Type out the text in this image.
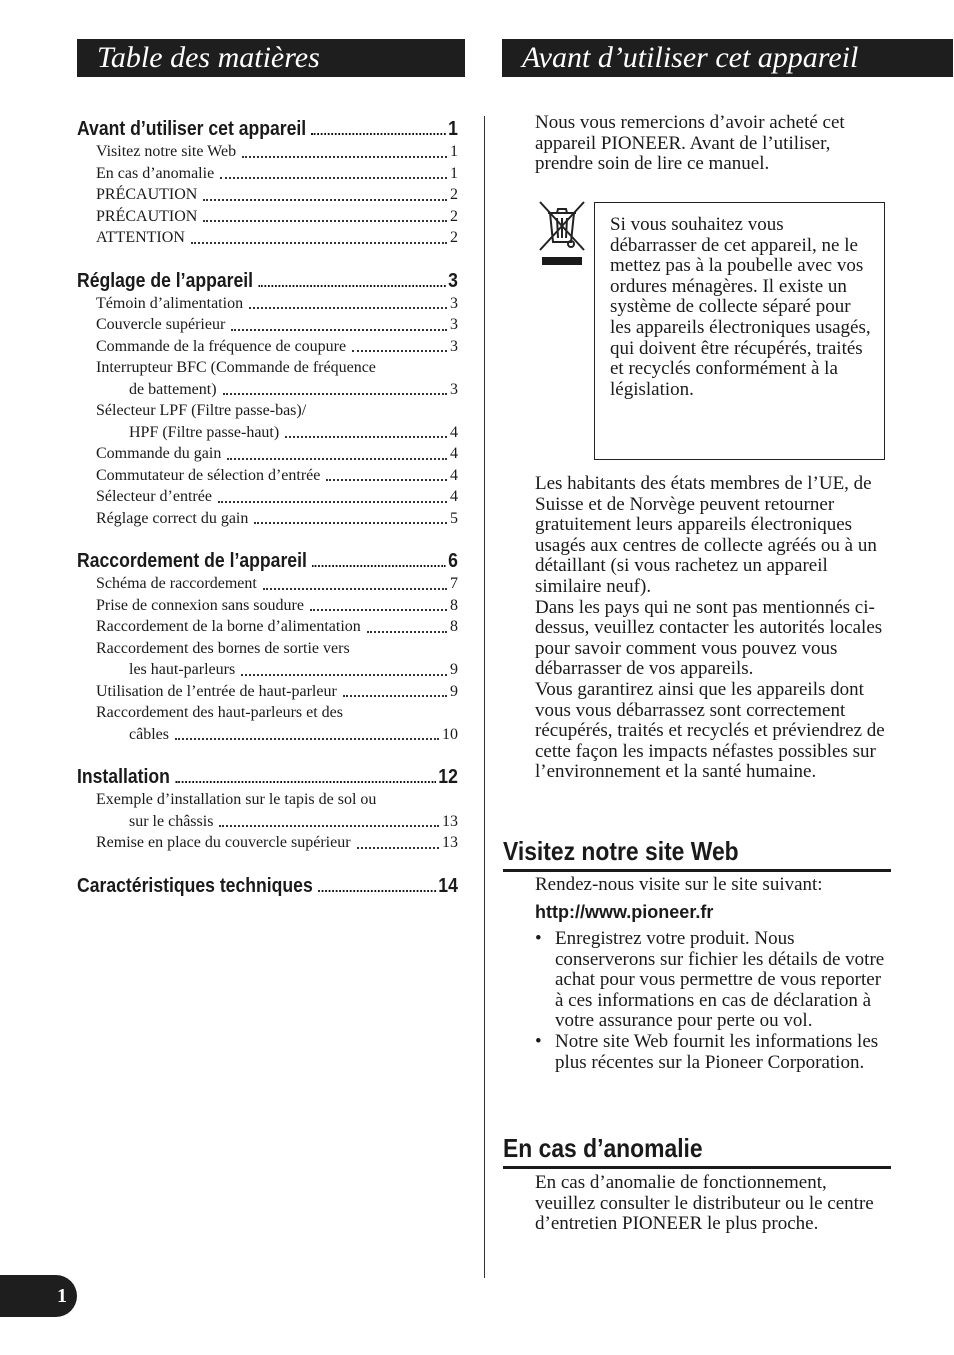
Table des matières	Avant d’utiliser cet appareil
Avant d’utiliser cet appareil	1
Visitez notre site Web	1
En cas d’anomalie	1
PRÉCAUTION	2
PRÉCAUTION	2
ATTENTION	2
Réglage de l’appareil	3
Témoin d’alimentation	3
Couvercle supérieur	3
Commande de la fréquence de coupure	3
Interrupteur BFC (Commande de fréquence
de battement)	3
Sélecteur LPF (Filtre passe-bas)/
HPF (Filtre passe-haut)	4
Commande du gain	4
Commutateur de sélection d’entrée	4
Sélecteur d’entrée	4
Réglage correct du gain	5
Raccordement de l’appareil	6
Schéma de raccordement	7
Prise de connexion sans soudure	8
Raccordement de la borne d’alimentation	8
Raccordement des bornes de sortie vers
les haut-parleurs	9
Utilisation de l’entrée de haut-parleur	9
Raccordement des haut-parleurs et des
câbles	10
Installation	12
Exemple d’installation sur le tapis de sol ou
sur le châssis	13
Remise en place du couvercle supérieur	13
Caractéristiques techniques	14
Nous vous remercions d’avoir acheté cet appareil PIONEER. Avant de l’utiliser, prendre soin de lire ce manuel.
Si vous souhaitez vous débarrasser de cet appareil, ne le mettez pas à la poubelle avec vos ordures ménagères. Il existe un système de collecte séparé pour les appareils électroniques usagés, qui doivent être récupérés, traités et recyclés conformément à la législation.

Les habitants des états membres de l’UE, de Suisse et de Norvège peuvent retourner gratuitement leurs appareils électroniques usagés aux centres de collecte agréés ou à un détaillant (si vous rachetez un appareil similaire neuf).

Dans les pays qui ne sont pas mentionnés ci-dessus, veuillez contacter les autorités locales pour savoir comment vous pouvez vous débarrasser de vos appareils.

Vous garantirez ainsi que les appareils dont vous vous débarrassez sont correctement récupérés, traités et recyclés et préviendrez de cette façon les impacts néfastes possibles sur l’environnement et la santé humaine.

Visitez notre site Web
Rendez-nous visite sur le site suivant:
http://www.pioneer.fr
• Enregistrez votre produit. Nous conserverons sur fichier les détails de votre achat pour vous permettre de vous reporter à ces informations en cas de déclaration à votre assurance pour perte ou vol.
• Notre site Web fournit les informations les plus récentes sur la Pioneer Corporation.
En cas d’anomalie
En cas d’anomalie de fonctionnement, veuillez consulter le distributeur ou le centre d’entretien PIONEER le plus proche.
1
